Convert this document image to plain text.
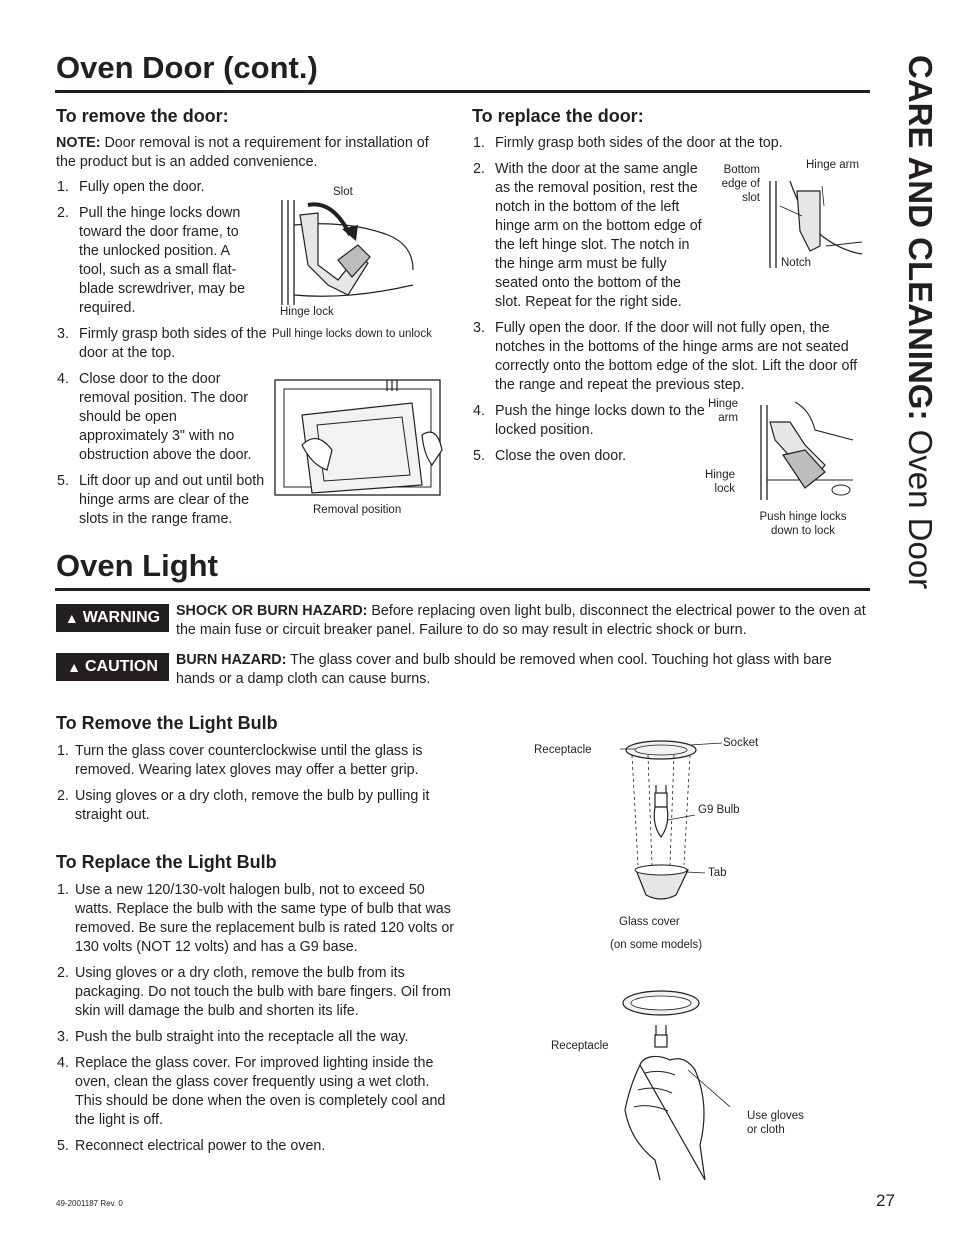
Oven Door (cont.)	CARE AND CLEANING: Oven Door
To remove the door:
NOTE: Door removal is not a requirement for installation of the product but is an added convenience.
1. Fully open the door.
2. Pull the hinge locks down toward the door frame, to the unlocked position. A tool, such as a small flat-blade screwdriver, may be required.
3. Firmly grasp both sides of the door at the top.
4. Close door to the door removal position. The door should be open approximately 3" with no obstruction above the door.
5. Lift door up and out until both hinge arms are clear of the slots in the range frame.
Slot
Hinge lock
Pull hinge locks down to unlock
Removal position
To replace the door:
1. Firmly grasp both sides of the door at the top.
2. With the door at the same angle as the removal position, rest the notch in the bottom of the left hinge arm on the bottom edge of the left hinge slot. The notch in the hinge arm must be fully seated onto the bottom of the slot. Repeat for the right side.
3. Fully open the door. If the door will not fully open, the notches in the bottoms of the hinge arms are not seated correctly onto the bottom edge of the slot. Lift the door off the range and repeat the previous step.
4. Push the hinge locks down to the locked position.
5. Close the oven door.
Bottom edge of slot
Hinge arm
Notch
Hinge arm
Hinge lock
Push hinge locks down to lock
Oven Light
▲ WARNING SHOCK OR BURN HAZARD: Before replacing oven light bulb, disconnect the electrical power to the oven at the main fuse or circuit breaker panel. Failure to do so may result in electric shock or burn.
▲ CAUTION BURN HAZARD: The glass cover and bulb should be removed when cool. Touching hot glass with bare hands or a damp cloth can cause burns.
To Remove the Light Bulb
1. Turn the glass cover counterclockwise until the glass is removed. Wearing latex gloves may offer a better grip.
2. Using gloves or a dry cloth, remove the bulb by pulling it straight out.
To Replace the Light Bulb
1. Use a new 120/130-volt halogen bulb, not to exceed 50 watts. Replace the bulb with the same type of bulb that was removed. Be sure the replacement bulb is rated 120 volts or 130 volts (NOT 12 volts) and has a G9 base.
2. Using gloves or a dry cloth, remove the bulb from its packaging. Do not touch the bulb with bare fingers. Oil from skin will damage the bulb and shorten its life.
3. Push the bulb straight into the receptacle all the way.
4. Replace the glass cover. For improved lighting inside the oven, clean the glass cover frequently using a wet cloth. This should be done when the oven is completely cool and the light is off.
5. Reconnect electrical power to the oven.
Receptacle
Socket
G9 Bulb
Tab
Glass cover
(on some models)
Receptacle
Use gloves or cloth
49-2001187 Rev. 0	27
